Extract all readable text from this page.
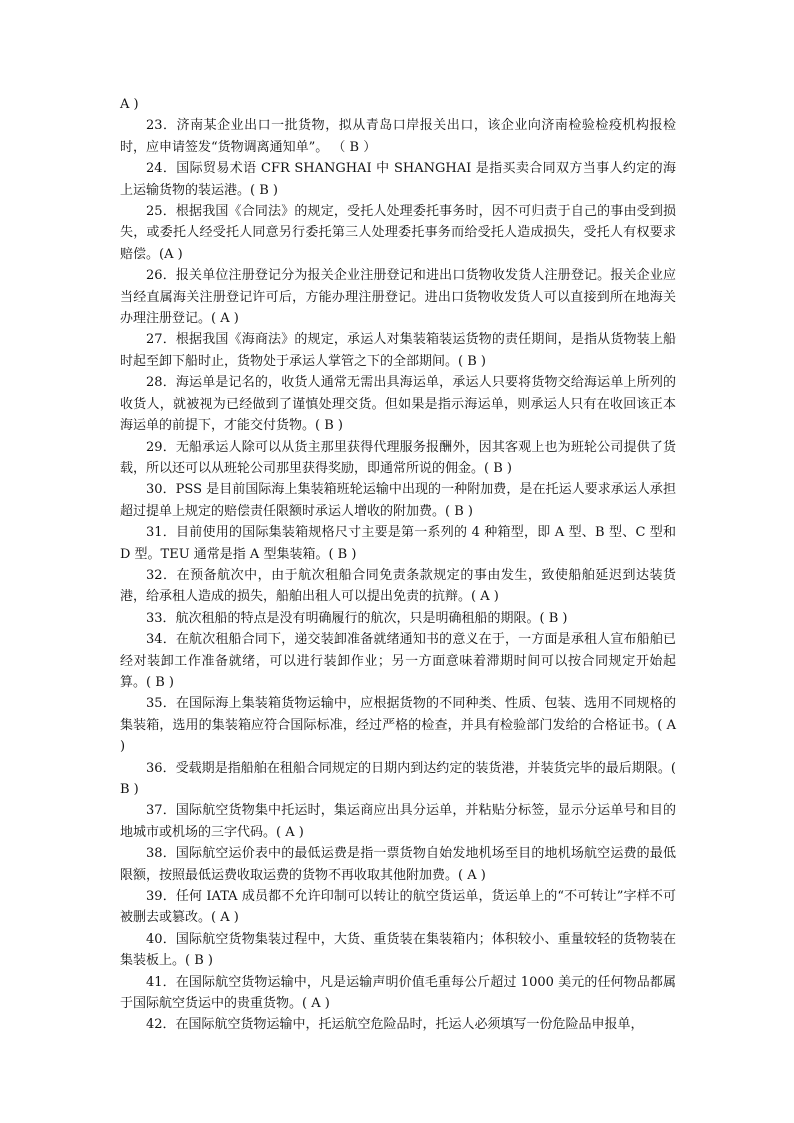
A )

23．济南某企业出口一批货物，拟从青岛口岸报关出口，该企业向济南检验检疫机构报检时，应申请签发“货物调离通知单”。 （ B ）

24．国际贸易术语 CFR SHANGHAI 中 SHANGHAI 是指买卖合同双方当事人约定的海上运输货物的装运港。( B )

25．根据我国《合同法》的规定，受托人处理委托事务时，因不可归责于自己的事由受到损失，或委托人经受托人同意另行委托第三人处理委托事务而给受托人造成损失，受托人有权要求赔偿。(A )

26．报关单位注册登记分为报关企业注册登记和进出口货物收发货人注册登记。报关企业应当经直属海关注册登记许可后，方能办理注册登记。进出口货物收发货人可以直接到所在地海关办理注册登记。( A )

27．根据我国《海商法》的规定，承运人对集装箱装运货物的责任期间，是指从货物装上船时起至卸下船时止，货物处于承运人掌管之下的全部期间。( B )

28．海运单是记名的，收货人通常无需出具海运单，承运人只要将货物交给海运单上所列的收货人，就被视为已经做到了谨慎处理交货。但如果是指示海运单，则承运人只有在收回该正本海运单的前提下，才能交付货物。( B )

29．无船承运人除可以从货主那里获得代理服务报酬外，因其客观上也为班轮公司提供了货载，所以还可以从班轮公司那里获得奖励，即通常所说的佣金。( B )

30．PSS 是目前国际海上集装箱班轮运输中出现的一种附加费，是在托运人要求承运人承担超过提单上规定的赔偿责任限额时承运人增收的附加费。( B )

31．目前使用的国际集装箱规格尺寸主要是第一系列的 4 种箱型，即 A 型、B 型、C 型和 D 型。TEU 通常是指 A 型集装箱。( B )

32．在预备航次中，由于航次租船合同免责条款规定的事由发生，致使船舶延迟到达装货港，给承租人造成的损失，船舶出租人可以提出免责的抗辩。( A )

33．航次租船的特点是没有明确履行的航次，只是明确租船的期限。( B )

34．在航次租船合同下，递交装卸准备就绪通知书的意义在于，一方面是承租人宣布船舶已经对装卸工作准备就绪，可以进行装卸作业；另一方面意味着滞期时间可以按合同规定开始起算。( B )

35．在国际海上集装箱货物运输中，应根据货物的不同种类、性质、包装、选用不同规格的集装箱，选用的集装箱应符合国际标准，经过严格的检查，并具有检验部门发给的合格证书。( A )

36．受载期是指船舶在租船合同规定的日期内到达约定的装货港，并装货完毕的最后期限。( B )

37．国际航空货物集中托运时，集运商应出具分运单，并粘贴分标签，显示分运单号和目的地城市或机场的三字代码。( A )

38．国际航空运价表中的最低运费是指一票货物自始发地机场至目的地机场航空运费的最低限额，按照最低运费收取运费的货物不再收取其他附加费。( A )

39．任何 IATA 成员都不允许印制可以转让的航空货运单，货运单上的“不可转让”字样不可被删去或篡改。( A )

40．国际航空货物集装过程中，大货、重货装在集装箱内；体积较小、重量较轻的货物装在集装板上。( B )

41．在国际航空货物运输中，凡是运输声明价值毛重每公斤超过 1000 美元的任何物品都属于国际航空货运中的贵重货物。( A )

42．在国际航空货物运输中，托运航空危险品时，托运人必须填写一份危险品申报单，
